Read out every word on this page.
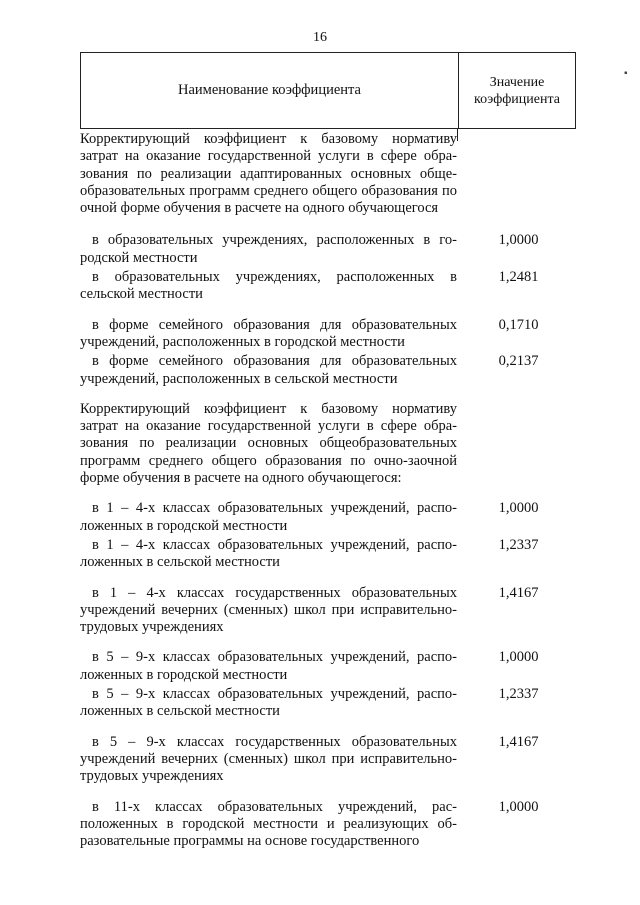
16
Наименование коэффициента	Значение
коэффициента
Корректирующий коэффициент к базовому нормативу затрат на оказание государственной услуги в сфере образования по реализации адаптированных основных общеобразовательных программ среднего общего образования по очной форме обучения в расчете на одного обучающегося
в образовательных учреждениях, расположенных в городской местности
1,0000
в образовательных учреждениях, расположенных в сельской местности
1,2481
в форме семейного образования для образовательных учреждений, расположенных в городской местности
0,1710
в форме семейного образования для образовательных учреждений, расположенных в сельской местности
0,2137
Корректирующий коэффициент к базовому нормативу затрат на оказание государственной услуги в сфере образования по реализации основных общеобразовательных программ среднего общего образования по очно-заочной форме обучения в расчете на одного обучающегося:
в 1 – 4-х классах образовательных учреждений, расположенных в городской местности
1,0000
в 1 – 4-х классах образовательных учреждений, расположенных в сельской местности
1,2337
в 1 – 4-х классах государственных образовательных учреждений вечерних (сменных) школ при исправительно-трудовых учреждениях
1,4167
в 5 – 9-х классах образовательных учреждений, расположенных в городской местности
1,0000
в 5 – 9-х классах образовательных учреждений, расположенных в сельской местности
1,2337
в 5 – 9-х классах государственных образовательных учреждений вечерних (сменных) школ при исправительно-трудовых учреждениях
1,4167
в 11-х классах образовательных учреждений, расположенных в городской местности и реализующих образовательные программы на основе государственного
1,0000
▪
